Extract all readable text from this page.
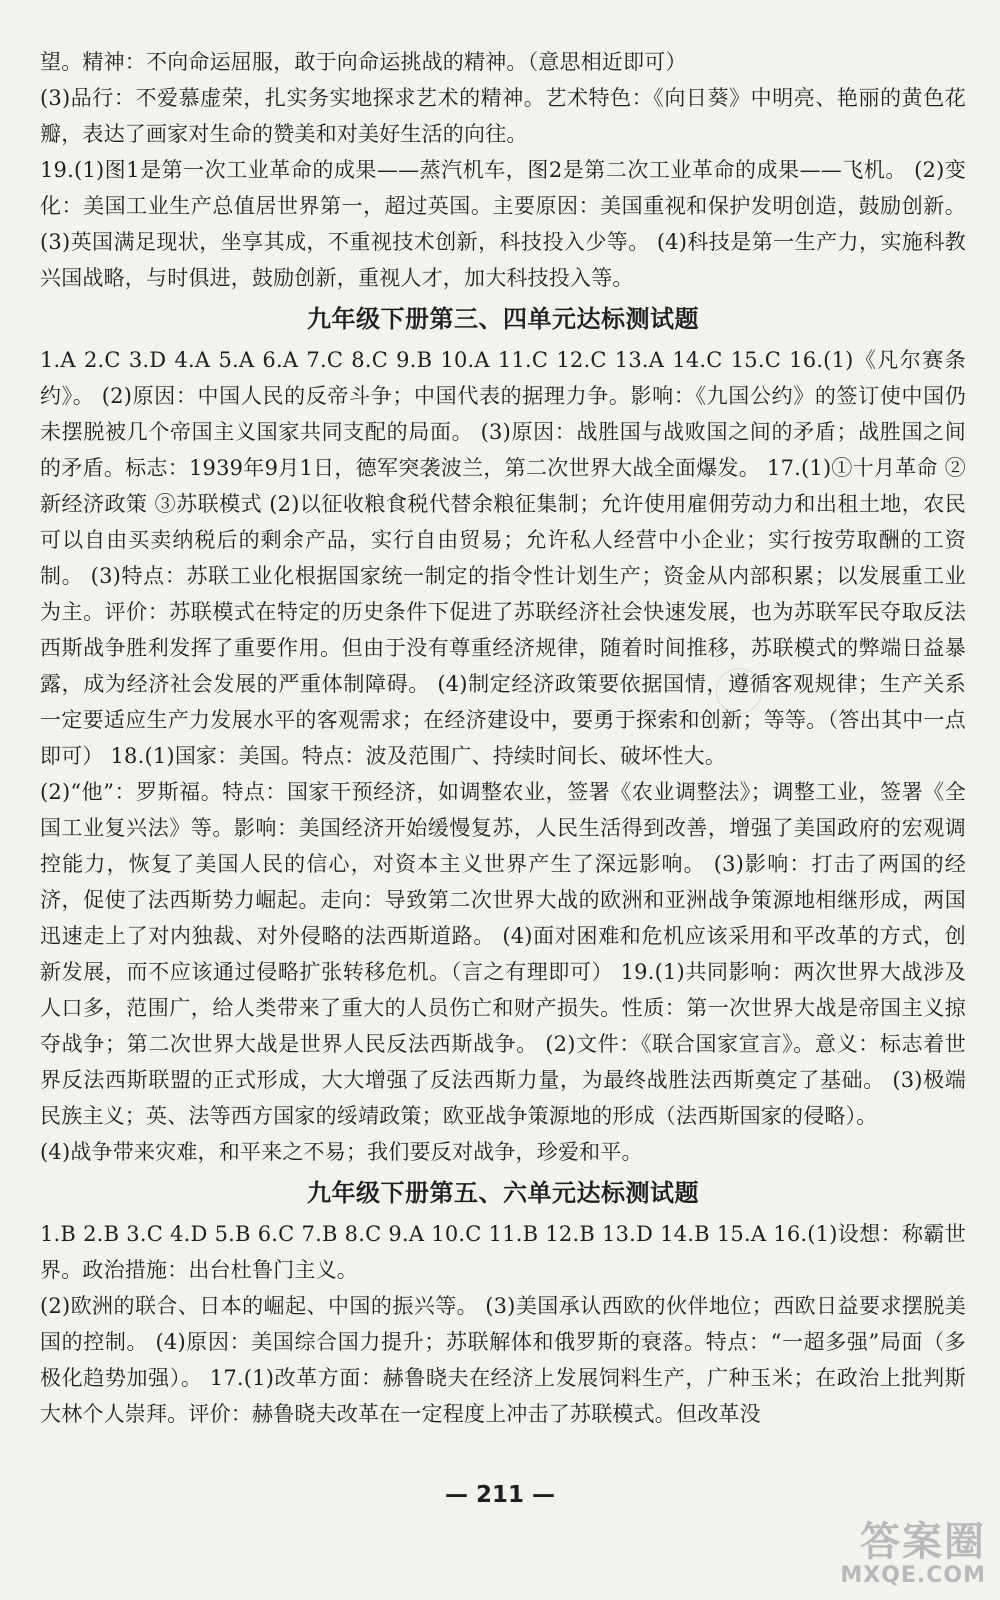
望。精神：不向命运屈服，敢于向命运挑战的精神。（意思相近即可）

(3)品行：不爱慕虚荣，扎实务实地探求艺术的精神。艺术特色：《向日葵》中明亮、艳丽的黄色花瓣，表达了画家对生命的赞美和对美好生活的向往。

19.(1)图1是第一次工业革命的成果——蒸汽机车，图2是第二次工业革命的成果——飞机。 (2)变化：美国工业生产总值居世界第一，超过英国。主要原因：美国重视和保护发明创造，鼓励创新。 (3)英国满足现状，坐享其成，不重视技术创新，科技投入少等。 (4)科技是第一生产力，实施科教兴国战略，与时俱进，鼓励创新，重视人才，加大科技投入等。

九年级下册第三、四单元达标测试题

1.A 2.C 3.D 4.A 5.A 6.A 7.C 8.C 9.B 10.A 11.C 12.C 13.A 14.C 15.C 16.(1)《凡尔赛条约》。 (2)原因：中国人民的反帝斗争；中国代表的据理力争。影响：《九国公约》的签订使中国仍未摆脱被几个帝国主义国家共同支配的局面。 (3)原因：战胜国与战败国之间的矛盾；战胜国之间的矛盾。标志：1939年9月1日，德军突袭波兰，第二次世界大战全面爆发。 17.(1)①十月革命 ②新经济政策 ③苏联模式 (2)以征收粮食税代替余粮征集制；允许使用雇佣劳动力和出租土地，农民可以自由买卖纳税后的剩余产品，实行自由贸易；允许私人经营中小企业；实行按劳取酬的工资制。 (3)特点：苏联工业化根据国家统一制定的指令性计划生产；资金从内部积累；以发展重工业为主。评价：苏联模式在特定的历史条件下促进了苏联经济社会快速发展，也为苏联军民夺取反法西斯战争胜利发挥了重要作用。但由于没有尊重经济规律，随着时间推移，苏联模式的弊端日益暴露，成为经济社会发展的严重体制障碍。 (4)制定经济政策要依据国情，遵循客观规律；生产关系一定要适应生产力发展水平的客观需求；在经济建设中，要勇于探索和创新；等等。（答出其中一点即可） 18.(1)国家：美国。特点：波及范围广、持续时间长、破坏性大。

(2)“他”：罗斯福。特点：国家干预经济，如调整农业，签署《农业调整法》；调整工业，签署《全国工业复兴法》等。影响：美国经济开始缓慢复苏，人民生活得到改善，增强了美国政府的宏观调控能力，恢复了美国人民的信心，对资本主义世界产生了深远影响。 (3)影响：打击了两国的经济，促使了法西斯势力崛起。走向：导致第二次世界大战的欧洲和亚洲战争策源地相继形成，两国迅速走上了对内独裁、对外侵略的法西斯道路。 (4)面对困难和危机应该采用和平改革的方式，创新发展，而不应该通过侵略扩张转移危机。（言之有理即可） 19.(1)共同影响：两次世界大战涉及人口多，范围广，给人类带来了重大的人员伤亡和财产损失。性质：第一次世界大战是帝国主义掠夺战争；第二次世界大战是世界人民反法西斯战争。 (2)文件：《联合国家宣言》。意义：标志着世界反法西斯联盟的正式形成，大大增强了反法西斯力量，为最终战胜法西斯奠定了基础。 (3)极端民族主义；英、法等西方国家的绥靖政策；欧亚战争策源地的形成（法西斯国家的侵略）。

(4)战争带来灾难，和平来之不易；我们要反对战争，珍爱和平。

九年级下册第五、六单元达标测试题

1.B 2.B 3.C 4.D 5.B 6.C 7.B 8.C 9.A 10.C 11.B 12.B 13.D 14.B 15.A 16.(1)设想：称霸世界。政治措施：出台杜鲁门主义。

(2)欧洲的联合、日本的崛起、中国的振兴等。 (3)美国承认西欧的伙伴地位；西欧日益要求摆脱美国的控制。 (4)原因：美国综合国力提升；苏联解体和俄罗斯的衰落。特点：“一超多强”局面（多极化趋势加强）。 17.(1)改革方面：赫鲁晓夫在经济上发展饲料生产，广种玉米；在政治上批判斯大林个人崇拜。评价：赫鲁晓夫改革在一定程度上冲击了苏联模式。但改革没

— 211 —
答案圈
MXQE.COM
